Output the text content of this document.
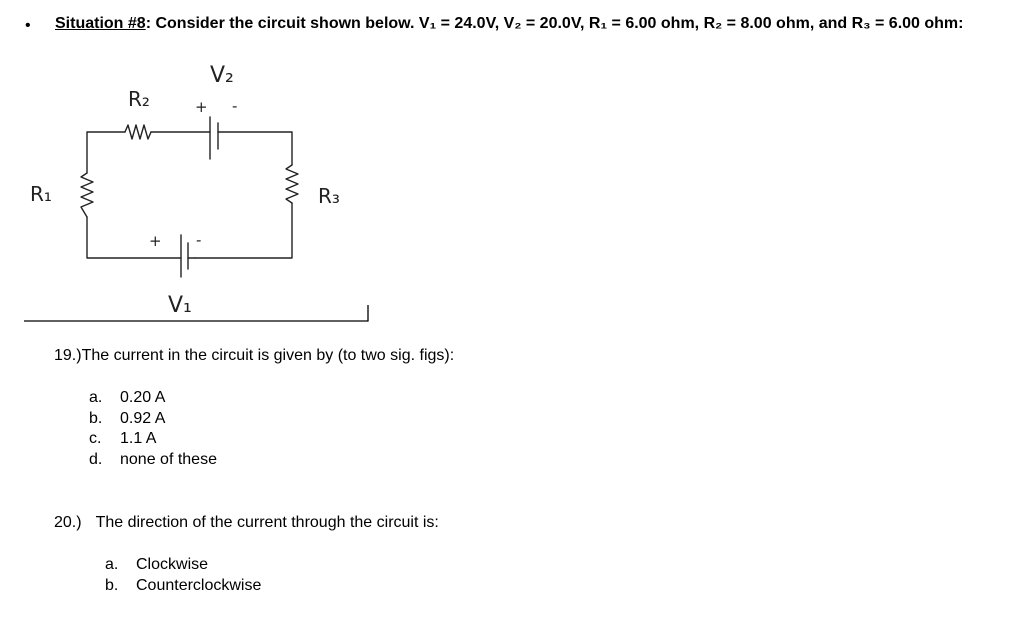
• Situation #8: Consider the circuit shown below. V₁ = 24.0V, V₂ = 20.0V, R₁ = 6.00 ohm, R₂ = 8.00 ohm, and R₃ = 6.00 ohm:
V₂
R₂	+ -
R₁	R₃
+ -
V₁
19.)The current in the circuit is given by (to two sig. figs):
a.	0.20 A
b.	0.92 A
c.	1.1 A
d.	none of these
20.) The direction of the current through the circuit is:
a.	Clockwise
b.	Counterclockwise
